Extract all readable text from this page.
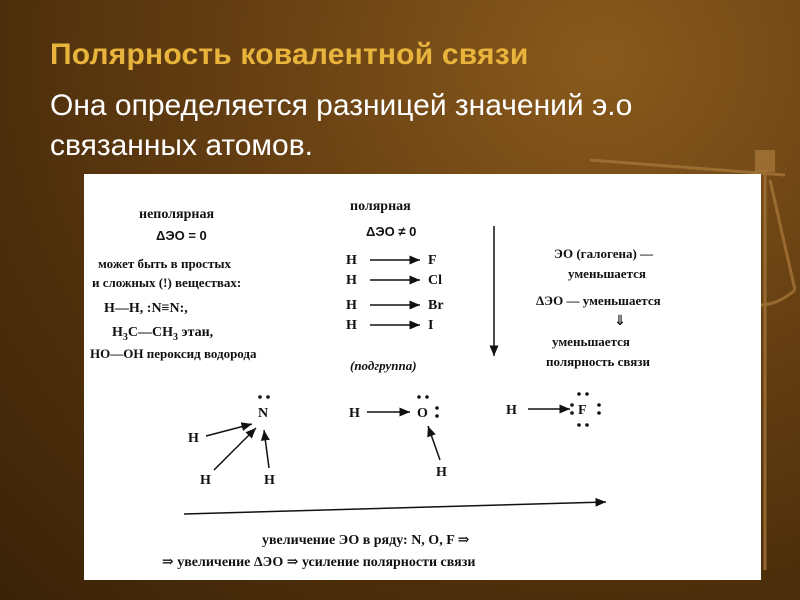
Полярность ковалентной связи

Она определяется разницей значений э.о связанных атомов.

неполярная
ΔЭО = 0
может быть в простых
и сложных (!) веществах:
H—H, :N≡N:,
$H_3C—CH_3$ этан,
HO—OH пероксид водорода
полярная
ΔЭО ≠ 0
H	F
H	Cl
H	Br
H	I
(подгруппа)
ЭО (галогена) —
уменьшается
ΔЭО — уменьшается
⇓
уменьшается
полярность связи
N
H
H	H
H	O
H
H	F
увеличение ЭО в ряду: N, O, F ⇒
⇒ увеличение ΔЭО ⇒ усиление полярности связи
